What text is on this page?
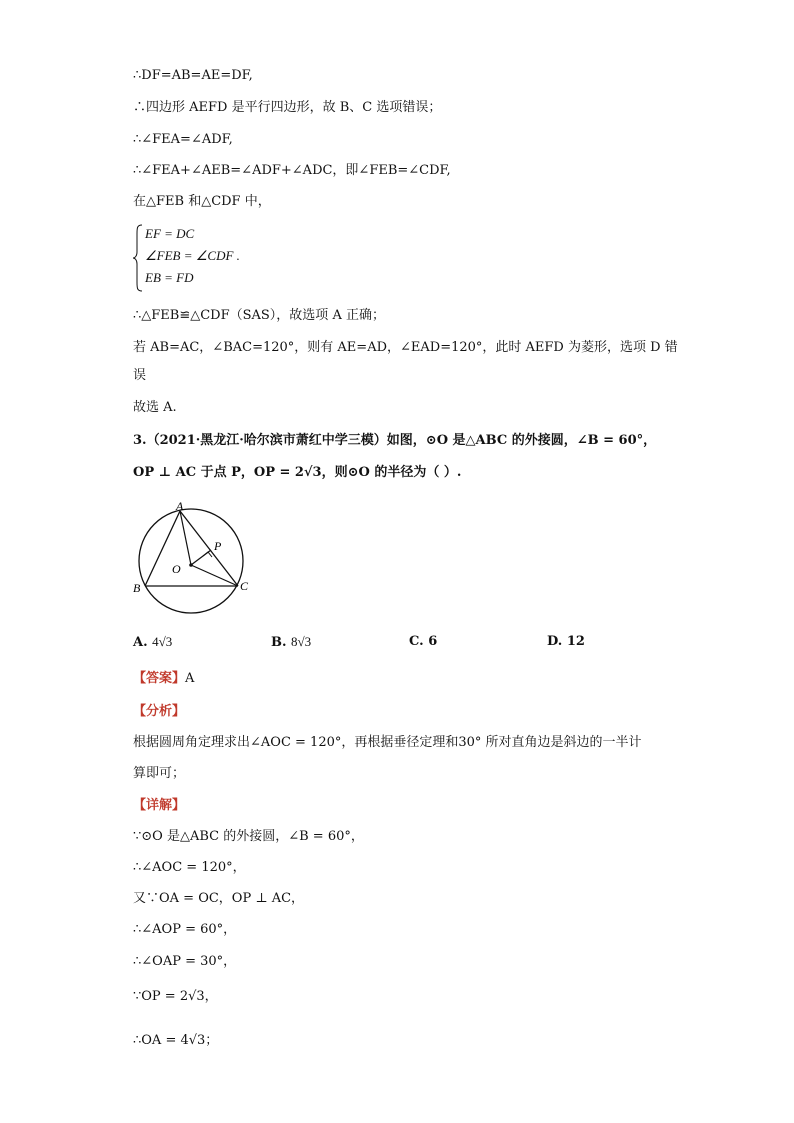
∴DF=AB=AE=DF,
∴四边形 AEFD 是平行四边形，故 B、C 选项错误；
∴∠FEA=∠ADF,
∴∠FEA+∠AEB=∠ADF+∠ADC，即∠FEB=∠CDF,
在△FEB 和△CDF 中，
EF = DC
∠FEB = ∠CDF .
EB = FD
∴△FEB≌△CDF（SAS），故选项 A 正确；
若 AB=AC，∠BAC=120°，则有 AE=AD，∠EAD=120°，此时 AEFD 为菱形，选项 D 错
误
故选 A.
3.（2021·黑龙江·哈尔滨市萧红中学三模）如图，⊙O 是△ABC 的外接圆，∠B = 60°，
OP ⊥ AC 于点 P，OP = 2√3，则⊙O 的半径为（ ）.
A
B	C
O
P
A. 4√3	B. 8√3	C. 6	D. 12
【答案】A
【分析】
根据圆周角定理求出∠AOC = 120°，再根据垂径定理和30° 所对直角边是斜边的一半计
算即可；
【详解】
∵⊙O 是△ABC 的外接圆，∠B = 60°，
∴∠AOC = 120°，
又∵OA = OC，OP ⊥ AC，
∴∠AOP = 60°，
∴∠OAP = 30°，
∵OP = 2√3，
∴OA = 4√3；
